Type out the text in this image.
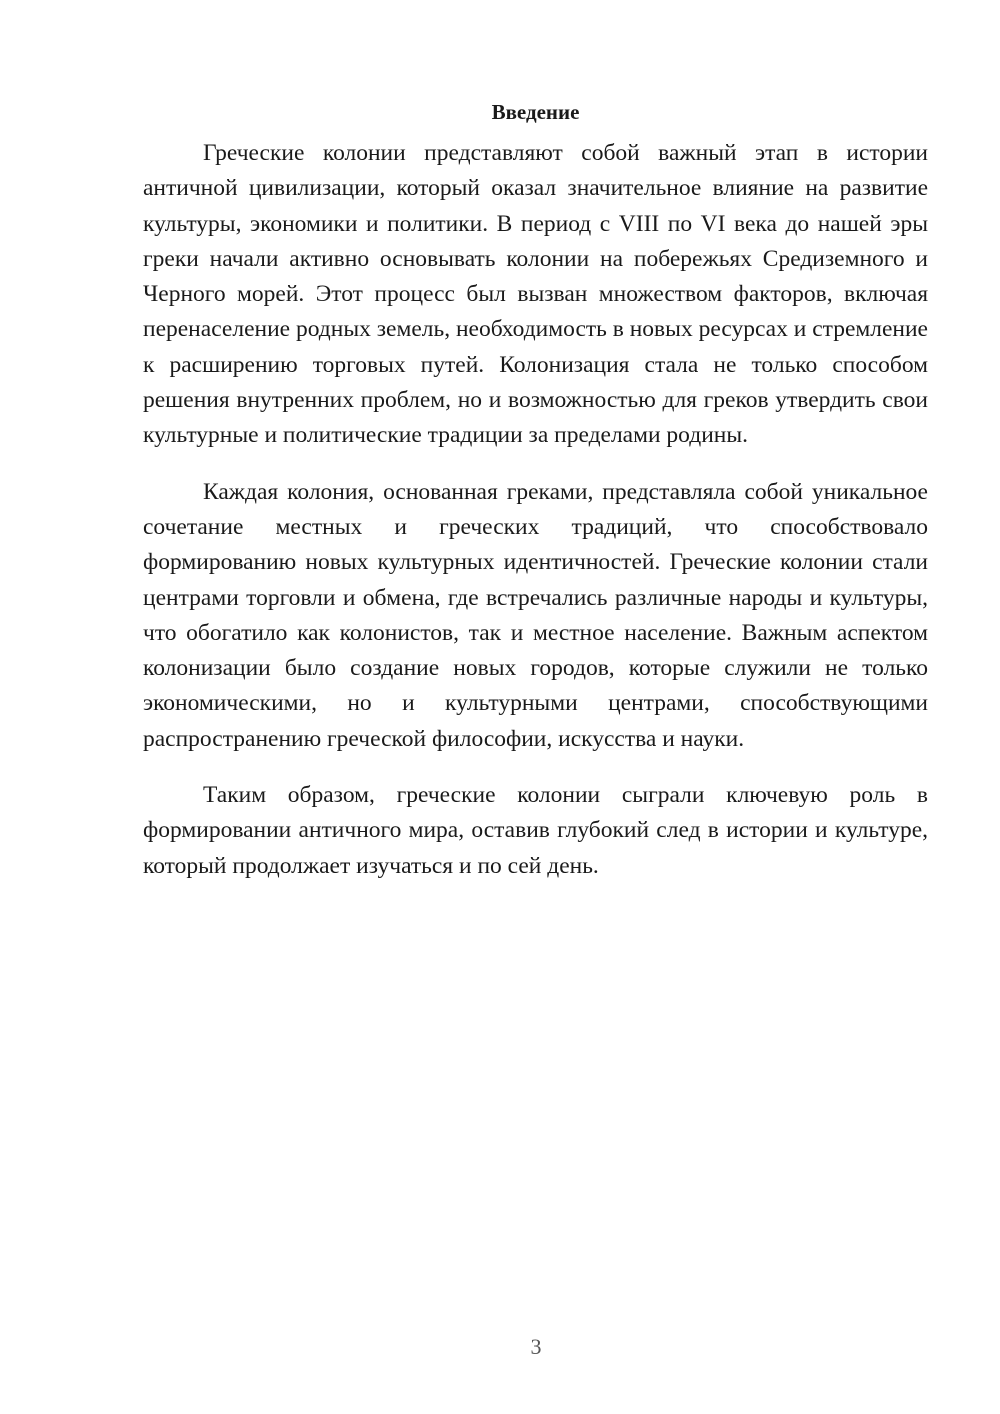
Введение

Греческие колонии представляют собой важный этап в истории античной цивилизации, который оказал значительное влияние на развитие культуры, экономики и политики. В период с VIII по VI века до нашей эры греки начали активно основывать колонии на побережьях Средиземного и Черного морей. Этот процесс был вызван множеством факторов, включая перенаселение родных земель, необходимость в новых ресурсах и стремление к расширению торговых путей. Колонизация стала не только способом решения внутренних проблем, но и возможностью для греков утвердить свои культурные и политические традиции за пределами родины.

Каждая колония, основанная греками, представляла собой уникальное сочетание местных и греческих традиций, что способствовало формированию новых культурных идентичностей. Греческие колонии стали центрами торговли и обмена, где встречались различные народы и культуры, что обогатило как колонистов, так и местное население. Важным аспектом колонизации было создание новых городов, которые служили не только экономическими, но и культурными центрами, способствующими распространению греческой философии, искусства и науки.

Таким образом, греческие колонии сыграли ключевую роль в формировании античного мира, оставив глубокий след в истории и культуре, который продолжает изучаться и по сей день.

3
